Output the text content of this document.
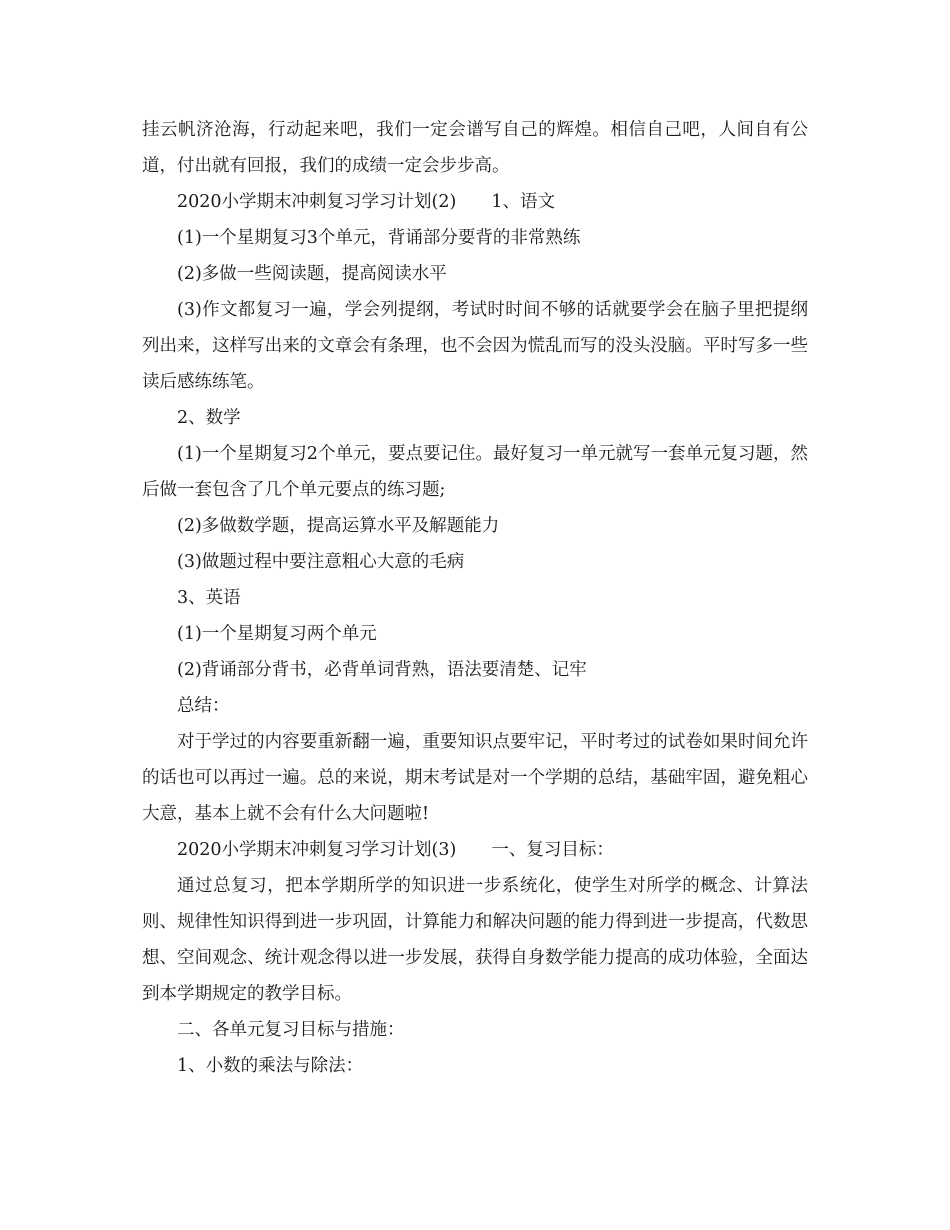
挂云帆济沧海，行动起来吧，我们一定会谱写自己的辉煌。相信自己吧，人间自有公道，付出就有回报，我们的成绩一定会步步高。

2020小学期末冲刺复习学习计划(2)　　1、语文

(1)一个星期复习3个单元，背诵部分要背的非常熟练

(2)多做一些阅读题，提高阅读水平

(3)作文都复习一遍，学会列提纲，考试时时间不够的话就要学会在脑子里把提纲列出来，这样写出来的文章会有条理，也不会因为慌乱而写的没头没脑。平时写多一些读后感练练笔。

2、数学

(1)一个星期复习2个单元，要点要记住。最好复习一单元就写一套单元复习题，然后做一套包含了几个单元要点的练习题;

(2)多做数学题，提高运算水平及解题能力

(3)做题过程中要注意粗心大意的毛病

3、英语

(1)一个星期复习两个单元

(2)背诵部分背书，必背单词背熟，语法要清楚、记牢

总结：

对于学过的内容要重新翻一遍，重要知识点要牢记，平时考过的试卷如果时间允许的话也可以再过一遍。总的来说，期末考试是对一个学期的总结，基础牢固，避免粗心大意，基本上就不会有什么大问题啦!

2020小学期末冲刺复习学习计划(3)　　一、复习目标：

通过总复习，把本学期所学的知识进一步系统化，使学生对所学的概念、计算法则、规律性知识得到进一步巩固，计算能力和解决问题的能力得到进一步提高，代数思想、空间观念、统计观念得以进一步发展，获得自身数学能力提高的成功体验，全面达到本学期规定的教学目标。

二、各单元复习目标与措施：

1、小数的乘法与除法：
